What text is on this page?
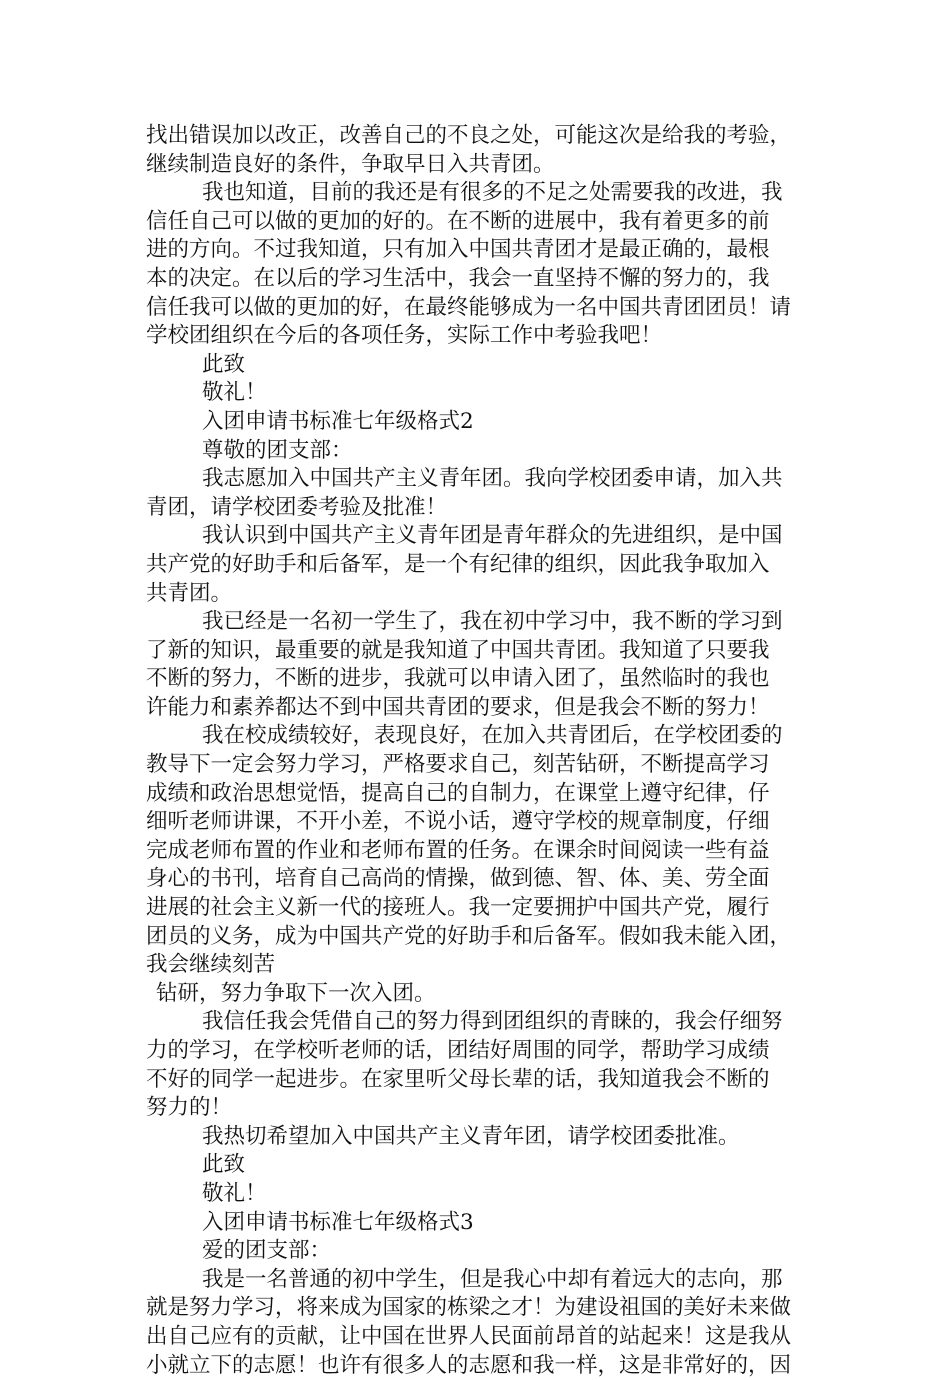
找出错误加以改正，改善自己的不良之处，可能这次是给我的考验，
继续制造良好的条件，争取早日入共青团。
我也知道，目前的我还是有很多的不足之处需要我的改进，我
信任自己可以做的更加的好的。在不断的进展中，我有着更多的前
进的方向。不过我知道，只有加入中国共青团才是最正确的，最根
本的决定。在以后的学习生活中，我会一直坚持不懈的努力的，我
信任我可以做的更加的好，在最终能够成为一名中国共青团团员！请
学校团组织在今后的各项任务，实际工作中考验我吧！
此致
敬礼！
入团申请书标准七年级格式2
尊敬的团支部：
我志愿加入中国共产主义青年团。我向学校团委申请，加入共
青团，请学校团委考验及批准！
我认识到中国共产主义青年团是青年群众的先进组织，是中国
共产党的好助手和后备军，是一个有纪律的组织，因此我争取加入
共青团。
我已经是一名初一学生了，我在初中学习中，我不断的学习到
了新的知识，最重要的就是我知道了中国共青团。我知道了只要我
不断的努力，不断的进步，我就可以申请入团了，虽然临时的我也
许能力和素养都达不到中国共青团的要求，但是我会不断的努力！
我在校成绩较好，表现良好，在加入共青团后，在学校团委的
教导下一定会努力学习，严格要求自己，刻苦钻研，不断提高学习
成绩和政治思想觉悟，提高自己的自制力，在课堂上遵守纪律，仔
细听老师讲课，不开小差，不说小话，遵守学校的规章制度，仔细
完成老师布置的作业和老师布置的任务。在课余时间阅读一些有益
身心的书刊，培育自己高尚的情操，做到德、智、体、美、劳全面
进展的社会主义新一代的接班人。我一定要拥护中国共产党，履行
团员的义务，成为中国共产党的好助手和后备军。假如我未能入团，
我会继续刻苦
钻研，努力争取下一次入团。
我信任我会凭借自己的努力得到团组织的青睐的，我会仔细努
力的学习，在学校听老师的话，团结好周围的同学，帮助学习成绩
不好的同学一起进步。在家里听父母长辈的话，我知道我会不断的
努力的！
我热切希望加入中国共产主义青年团，请学校团委批准。
此致
敬礼！
入团申请书标准七年级格式3
爱的团支部：
我是一名普通的初中学生，但是我心中却有着远大的志向，那
就是努力学习，将来成为国家的栋梁之才！为建设祖国的美好未来做
出自己应有的贡献，让中国在世界人民面前昂首的站起来！这是我从
小就立下的志愿！也许有很多人的志愿和我一样，这是非常好的，因
